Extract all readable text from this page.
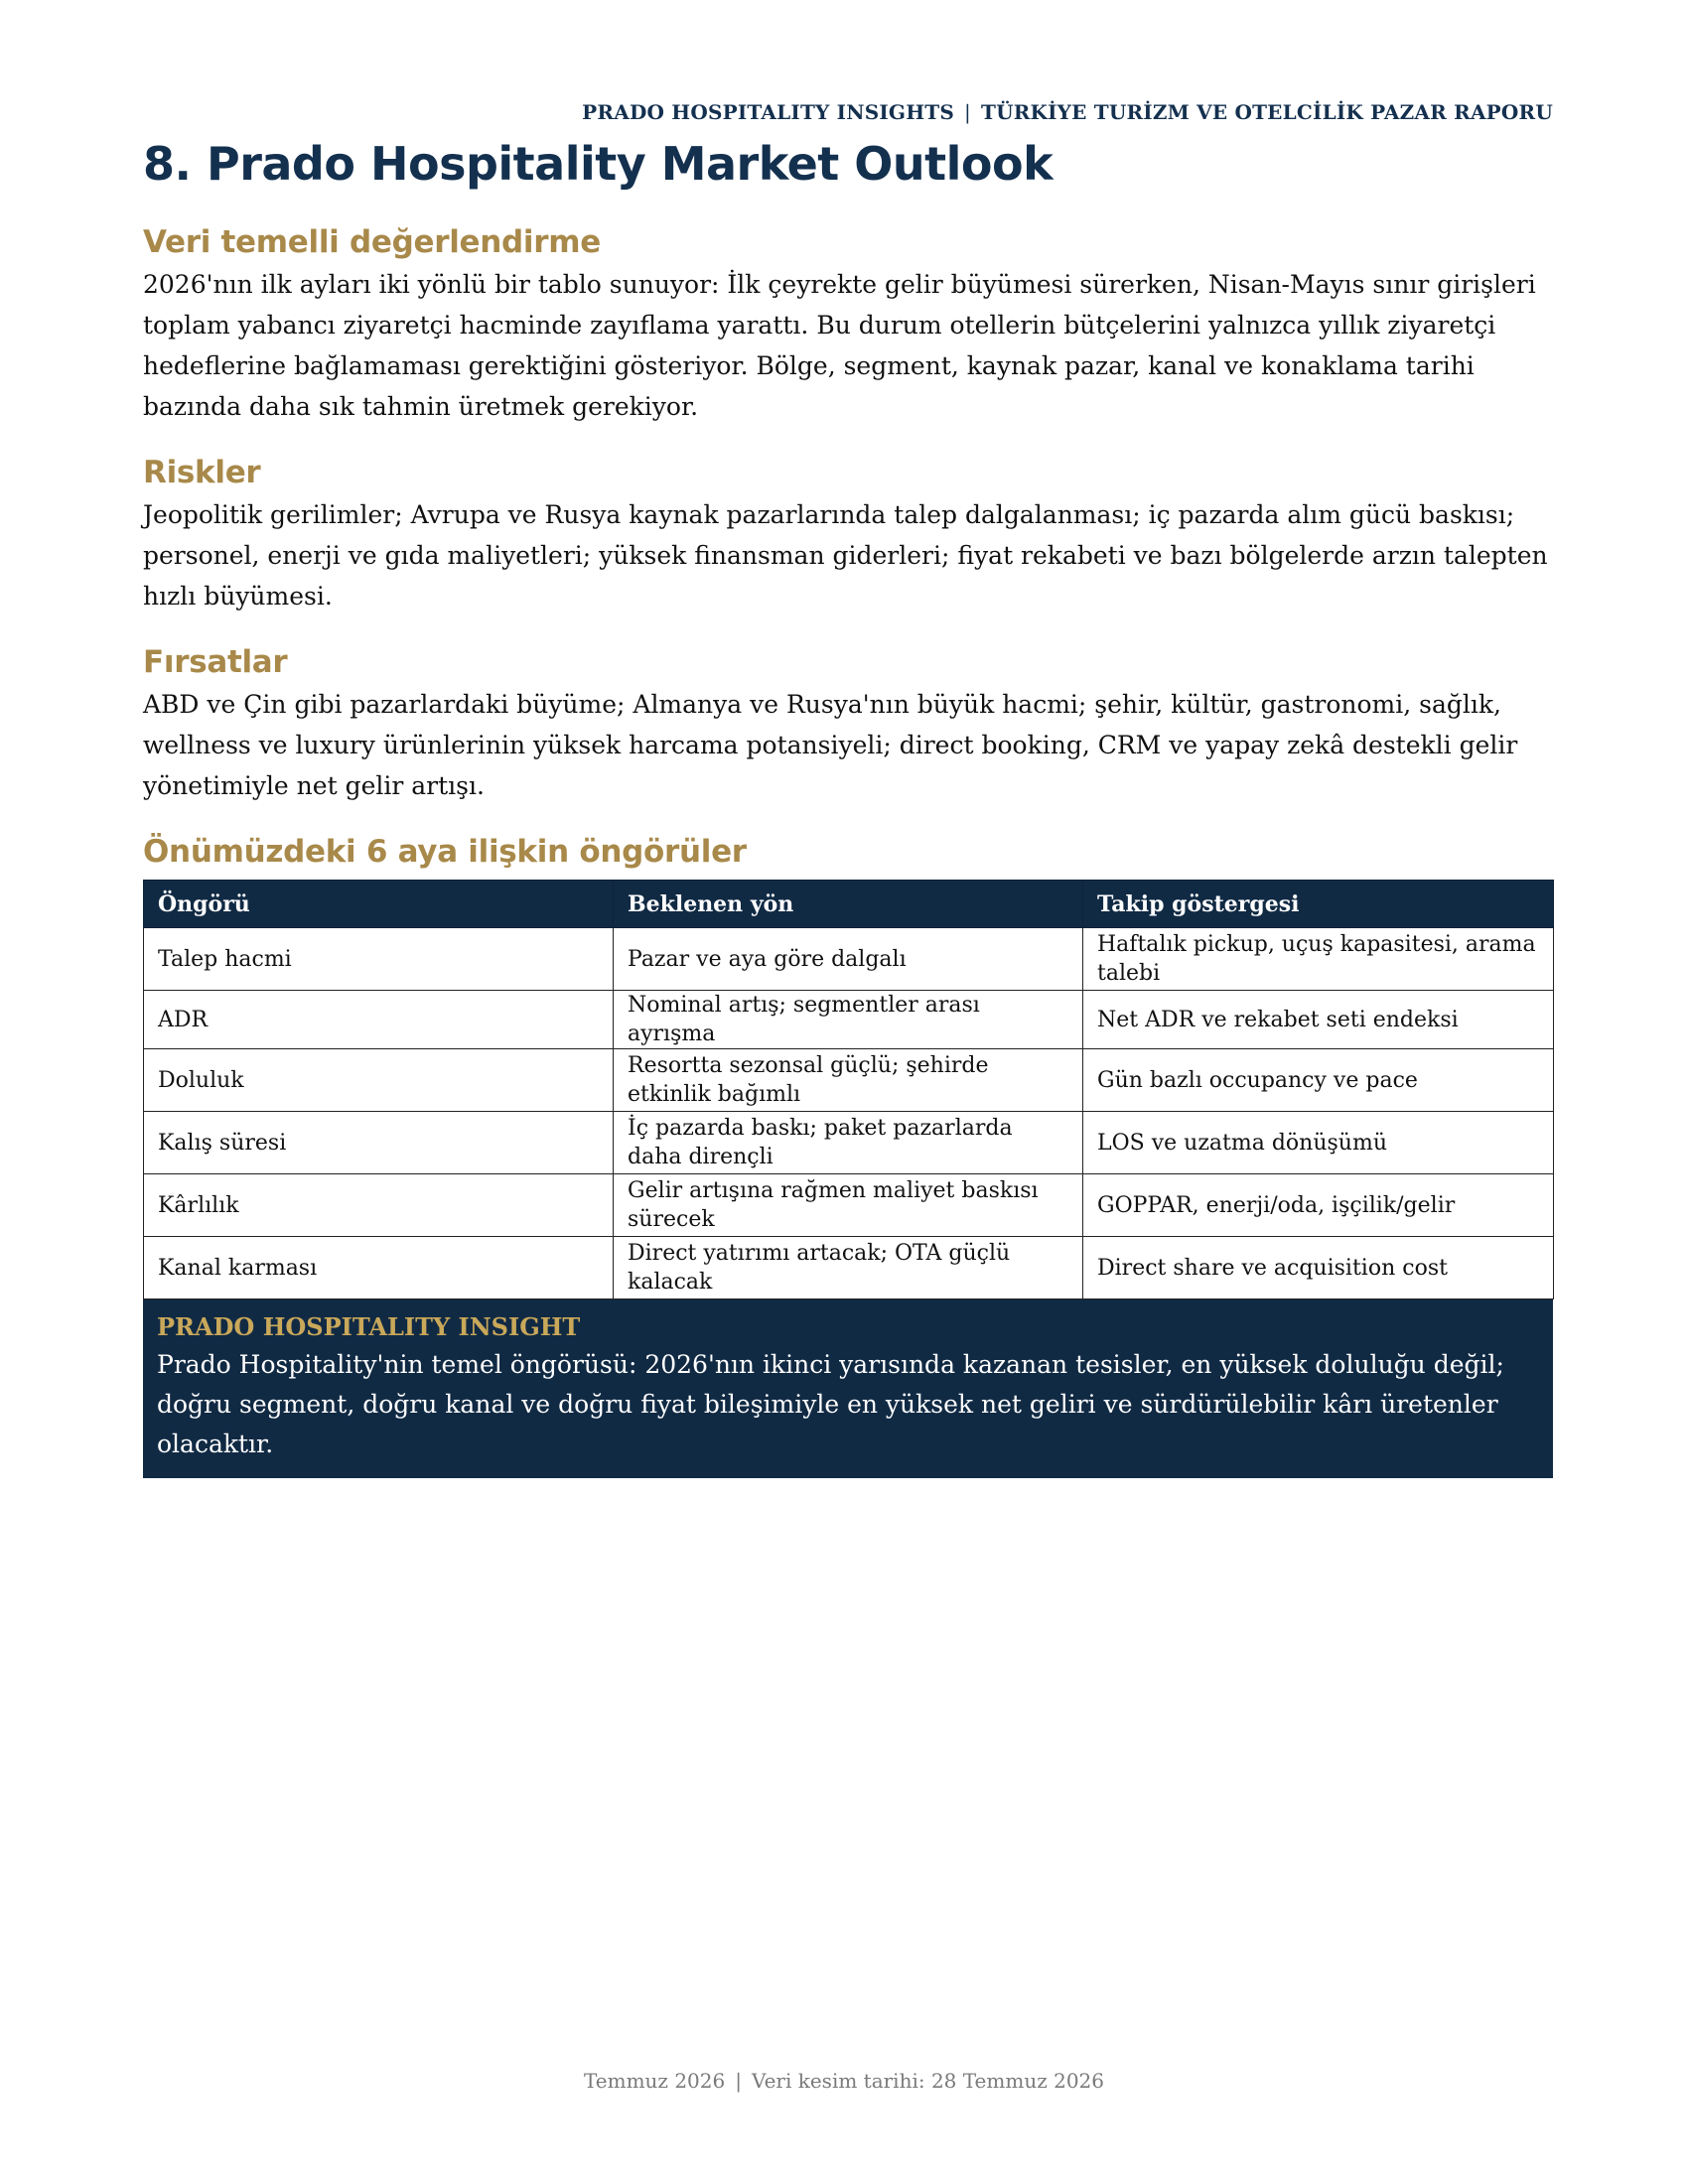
PRADO HOSPITALITY INSIGHTS | TÜRKİYE TURİZM VE OTELCİLİK PAZAR RAPORU
8. Prado Hospitality Market Outlook
Veri temelli değerlendirme

2026'nın ilk ayları iki yönlü bir tablo sunuyor: İlk çeyrekte gelir büyümesi sürerken, Nisan-Mayıs sınır girişleri toplam yabancı ziyaretçi hacminde zayıflama yarattı. Bu durum otellerin bütçelerini yalnızca yıllık ziyaretçi hedeflerine bağlamaması gerektiğini gösteriyor. Bölge, segment, kaynak pazar, kanal ve konaklama tarihi bazında daha sık tahmin üretmek gerekiyor.

Riskler

Jeopolitik gerilimler; Avrupa ve Rusya kaynak pazarlarında talep dalgalanması; iç pazarda alım gücü baskısı; personel, enerji ve gıda maliyetleri; yüksek finansman giderleri; fiyat rekabeti ve bazı bölgelerde arzın talepten hızlı büyümesi.

Fırsatlar

ABD ve Çin gibi pazarlardaki büyüme; Almanya ve Rusya'nın büyük hacmi; şehir, kültür, gastronomi, sağlık, wellness ve luxury ürünlerinin yüksek harcama potansiyeli; direct booking, CRM ve yapay zekâ destekli gelir yönetimiyle net gelir artışı.

Önümüzdeki 6 aya ilişkin öngörüler
Öngörü	Beklenen yön	Takip göstergesi
Talep hacmi	Pazar ve aya göre dalgalı	Haftalık pickup, uçuş kapasitesi, arama talebi
ADR	Nominal artış; segmentler arası ayrışma	Net ADR ve rekabet seti endeksi
Doluluk	Resortta sezonsal güçlü; şehirde etkinlik bağımlı	Gün bazlı occupancy ve pace
Kalış süresi	İç pazarda baskı; paket pazarlarda daha dirençli	LOS ve uzatma dönüşümü
Kârlılık	Gelir artışına rağmen maliyet baskısı sürecek	GOPPAR, enerji/oda, işçilik/gelir
Kanal karması	Direct yatırımı artacak; OTA güçlü kalacak	Direct share ve acquisition cost
PRADO HOSPITALITY INSIGHT
Prado Hospitality'nin temel öngörüsü: 2026'nın ikinci yarısında kazanan tesisler, en yüksek doluluğu değil; doğru segment, doğru kanal ve doğru fiyat bileşimiyle en yüksek net geliri ve sürdürülebilir kârı üretenler olacaktır.
Temmuz 2026 | Veri kesim tarihi: 28 Temmuz 2026
